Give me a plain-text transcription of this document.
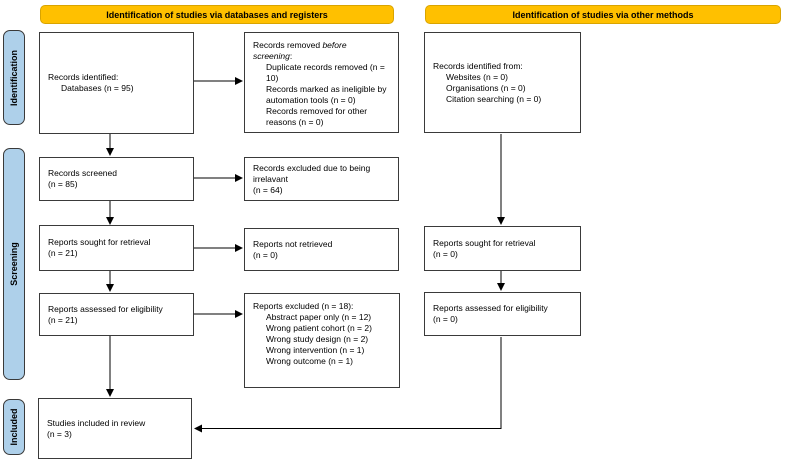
Identification of studies via databases and registers	Identification of studies via other methods
Identification
Screening
Included
Records identified:
Databases (n = 95)
Records screened
(n = 85)
Reports sought for retrieval
(n = 21)
Reports assessed for eligibility
(n = 21)
Studies included in review
(n = 3)
Records removed before screening:
Duplicate records removed (n = 10)
Records marked as ineligible by automation tools (n = 0)
Records removed for other reasons (n = 0)
Records excluded due to being irrelavant
(n = 64)
Reports not retrieved
(n = 0)
Reports excluded (n = 18):
Abstract paper only (n = 12)
Wrong patient cohort (n = 2)
Wrong study design (n = 2)
Wrong intervention (n = 1)
Wrong outcome (n = 1)
Records identified from:
Websites (n = 0)
Organisations (n = 0)
Citation searching (n = 0)
Reports sought for retrieval
(n = 0)
Reports assessed for eligibility
(n = 0)
